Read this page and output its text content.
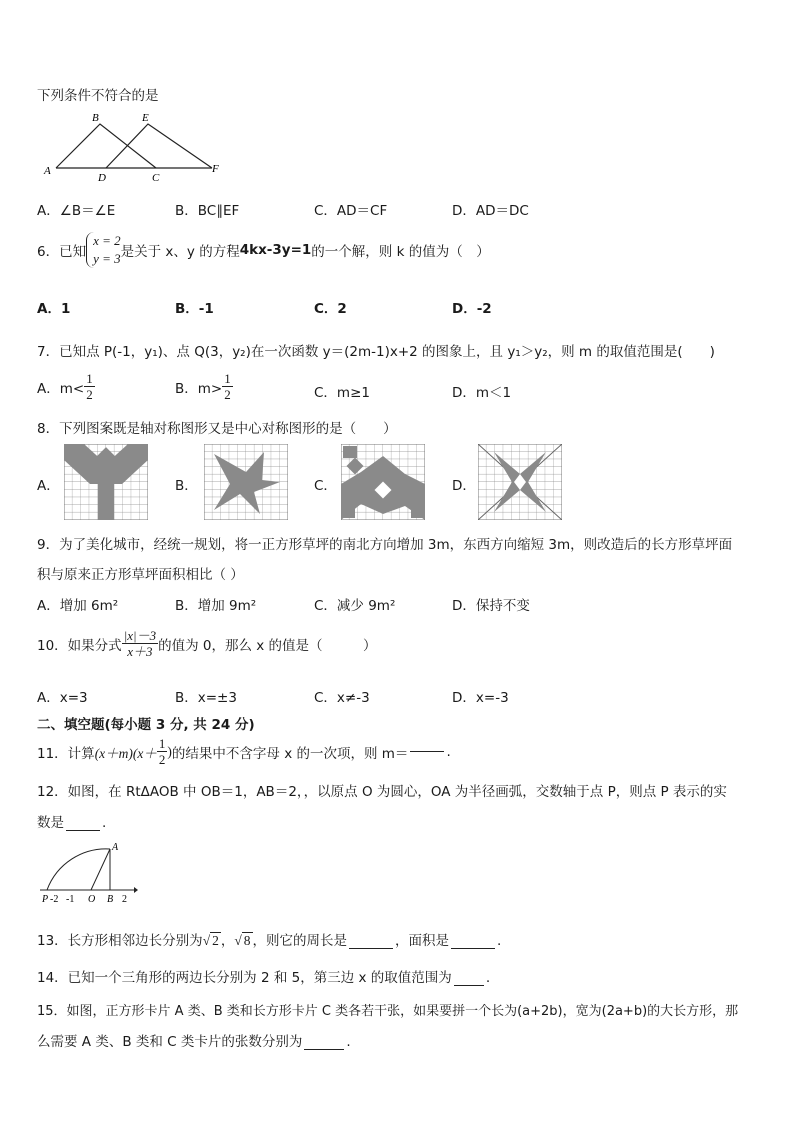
下列条件不符合的是
A
B
D	C
E
F
A．∠B＝∠E	B．BC∥EF	C．AD＝CF	D．AD＝DC
6．已知
x = 2
y = 3 是关于 x、y 的方程 4kx-3y=1 的一个解，则 k 的值为（　）
A．1	B．-1	C．2	D．-2
7．已知点 P(-1，y₁)、点 Q(3，y₂)在一次函数 y＝(2m-1)x+2 的图象上，且 y₁＞y₂，则 m 的取值范围是(　　)
A．$m< \frac{1}{2}$	B．$m> \frac{1}{2}$	C．m≥1	D．m＜1
8．下列图案既是轴对称图形又是中心对称图形的是（　　）
A．	B．	C．	D．
9．为了美化城市，经统一规划，将一正方形草坪的南北方向增加 3m，东西方向缩短 3m，则改造后的长方形草坪面
积与原来正方形草坪面积相比（ ）
A．增加 6m²	B．增加 9m²	C．减少 9m²	D．保持不变
10．如果分式 $\frac{|x|-3}{x+3}$ 的值为 0，那么 x 的值是（　　　）
A．x=3	B．x=±3	C．x≠-3	D．x=-3
二、填空题(每小题 3 分, 共 24 分)
11．计算 $(x+m)(x+ \frac{1}{2}$ ) 的结果中不含字母 x 的一次项，则 m＝	.
12．如图，在 RtΔAOB 中 OB＝1，AB＝2，，以原点 O 为圆心，OA 为半径画弧，交数轴于点 P，则点 P 表示的实
数是	.
A
P -2 -1 O B 2
13．长方形相邻边长分别为 √ 2 ， √ 8 ，则它的周长是	，面积是	.
14．已知一个三角形的两边长分别为 2 和 5，第三边 x 的取值范围为	.
15．如图，正方形卡片 A 类、B 类和长方形卡片 C 类各若干张，如果要拼一个长为(a+2b)，宽为(2a+b)的大长方形，那
么需要 A 类、B 类和 C 类卡片的张数分别为	.
